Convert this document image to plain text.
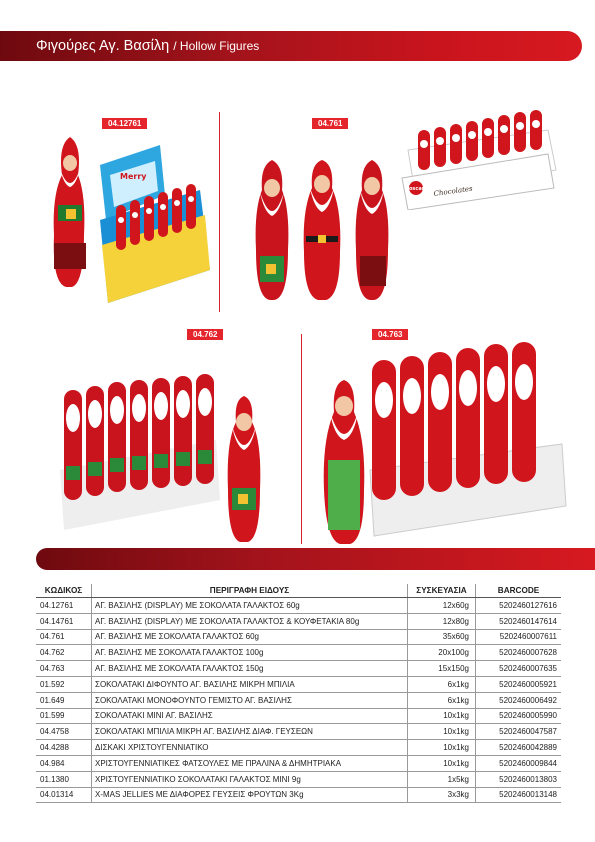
Φιγούρες Αγ. Βασίλη / Hollow Figures
04.12761	04.761
04.762	04.763
Merry
oscar Chocolates
ΚΩΔΙΚΟΣ	ΠΕΡΙΓΡΑΦΗ ΕΙΔΟΥΣ	ΣΥΣΚΕΥΑΣΙΑ	BARCODE
04.12761	ΑΓ. ΒΑΣΙΛΗΣ (DISPLAY) ΜΕ ΣΟΚΟΛΑΤΑ ΓΑΛΑΚΤΟΣ 60g	12x60g	5202460127616
04.14761	ΑΓ. ΒΑΣΙΛΗΣ (DISPLAY) ΜΕ ΣΟΚΟΛΑΤΑ ΓΑΛΑΚΤΟΣ & ΚΟΥΦΕΤΑΚΙΑ 80g	12x80g	5202460147614
04.761	ΑΓ. ΒΑΣΙΛΗΣ ΜΕ ΣΟΚΟΛΑΤΑ ΓΑΛΑΚΤΟΣ 60g	35x60g	5202460007611
04.762	ΑΓ. ΒΑΣΙΛΗΣ ΜΕ ΣΟΚΟΛΑΤΑ ΓΑΛΑΚΤΟΣ 100g	20x100g	5202460007628
04.763	ΑΓ. ΒΑΣΙΛΗΣ ΜΕ ΣΟΚΟΛΑΤΑ ΓΑΛΑΚΤΟΣ 150g	15x150g	5202460007635
01.592	ΣΟΚΟΛΑΤΑΚΙ ΔΙΦΟΥΝΤΟ ΑΓ. ΒΑΣΙΛΗΣ ΜΙΚΡΗ ΜΠΙΛΙΑ	6x1kg	5202460005921
01.649	ΣΟΚΟΛΑΤΑΚΙ ΜΟΝΟΦΟΥΝΤΟ ΓΕΜΙΣΤΟ ΑΓ. ΒΑΣΙΛΗΣ	6x1kg	5202460006492
01.599	ΣΟΚΟΛΑΤΑΚΙ ΜΙΝΙ ΑΓ. ΒΑΣΙΛΗΣ	10x1kg	5202460005990
04.4758	ΣΟΚΟΛΑΤΑΚΙ ΜΠΙΛΙΑ ΜΙΚΡΗ ΑΓ. ΒΑΣΙΛΗΣ ΔΙΑΦ. ΓΕΥΣΕΩΝ	10x1kg	5202460047587
04.4288	ΔΙΣΚΑΚΙ ΧΡΙΣΤΟΥΓΕΝΝΙΑΤΙΚΟ	10x1kg	5202460042889
04.984	ΧΡΙΣΤΟΥΓΕΝΝΙΑΤΙΚΕΣ ΦΑΤΣΟΥΛΕΣ ΜΕ ΠΡΑΛΙΝΑ & ΔΗΜΗΤΡΙΑΚΑ	10x1kg	5202460009844
01.1380	ΧΡΙΣΤΟΥΓΕΝΝΙΑΤΙΚΟ ΣΟΚΟΛΑΤΑΚΙ ΓΑΛΑΚΤΟΣ ΜΙΝΙ 9g	1x5kg	5202460013803
04.01314	X-MAS JELLIES ΜΕ ΔΙΑΦΟΡΕΣ ΓΕΥΣΕΙΣ ΦΡΟΥΤΩΝ 3Kg	3x3kg	5202460013148
